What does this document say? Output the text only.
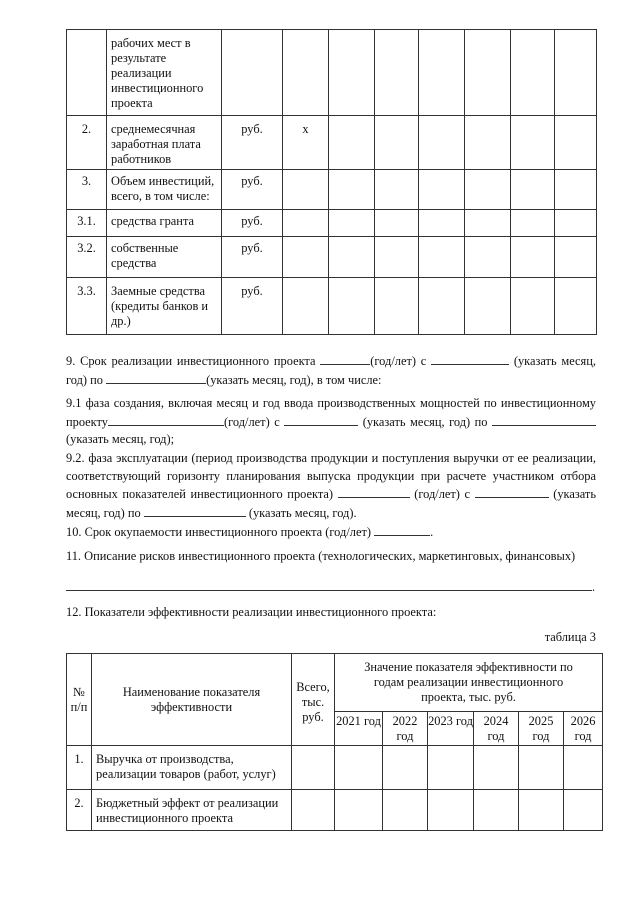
	рабочих мест в результате реализации инвестиционного проекта								
2.	среднемесячная заработная плата работников	руб.	х						
3.	Объем инвестиций, всего, в том числе:	руб.							
3.1.	средства гранта	руб.							
3.2.	собственные средства	руб.							
3.3.	Заемные средства (кредиты банков и др.)	руб.							
9. Срок реализации инвестиционного проекта	(год/лет) с	(указать месяц, год) по	(указать месяц, год), в том числе:
9.1 фаза создания, включая месяц и год ввода производственных мощностей по инвестиционному проекту	(год/лет) с	(указать месяц, год) по (указать месяц, год);
9.2. фаза эксплуатации (период производства продукции и поступления выручки от ее реализации, соответствующий горизонту планирования выпуска продукции при расчете участником отбора основных показателей инвестиционного проекта)	(год/лет) с	(указать месяц, год) по	(указать месяц, год).
10. Срок окупаемости инвестиционного проекта (год/лет)	.
11. Описание рисков инвестиционного проекта (технологических, маркетинговых, финансовых)
.
12. Показатели эффективности реализации инвестиционного проекта:
таблица 3
№ п/п	Наименование показателя эффективности	Всего, тыс. руб.	Значение показателя эффективности по годам реализации инвестиционного проекта, тыс. руб.					
			2021 год	2022 год	2023 год	2024 год	2025 год	2026 год
1.	Выручка от производства, реализации товаров (работ, услуг)							
2.	Бюджетный эффект от реализации инвестиционного проекта							
